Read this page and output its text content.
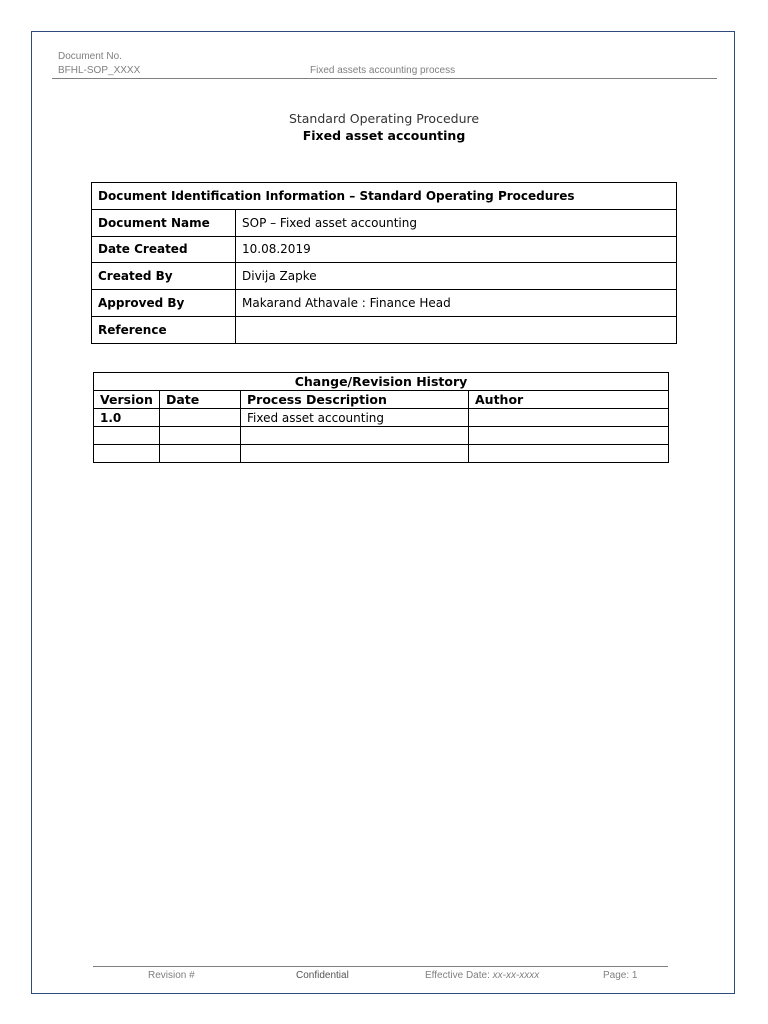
Document No.
BFHL-SOP_XXXX	Fixed assets accounting process
Standard Operating Procedure
Fixed asset accounting
Document Identification Information – Standard Operating Procedures	
Document Name	SOP – Fixed asset accounting
Date Created	10.08.2019
Created By	Divija Zapke
Approved By	Makarand Athavale : Finance Head
Reference	
Change/Revision History			
Version	Date	Process Description	Author
1.0		Fixed asset accounting	

Revision #	Confidential	Effective Date: xx-xx-xxxx	Page: 1
